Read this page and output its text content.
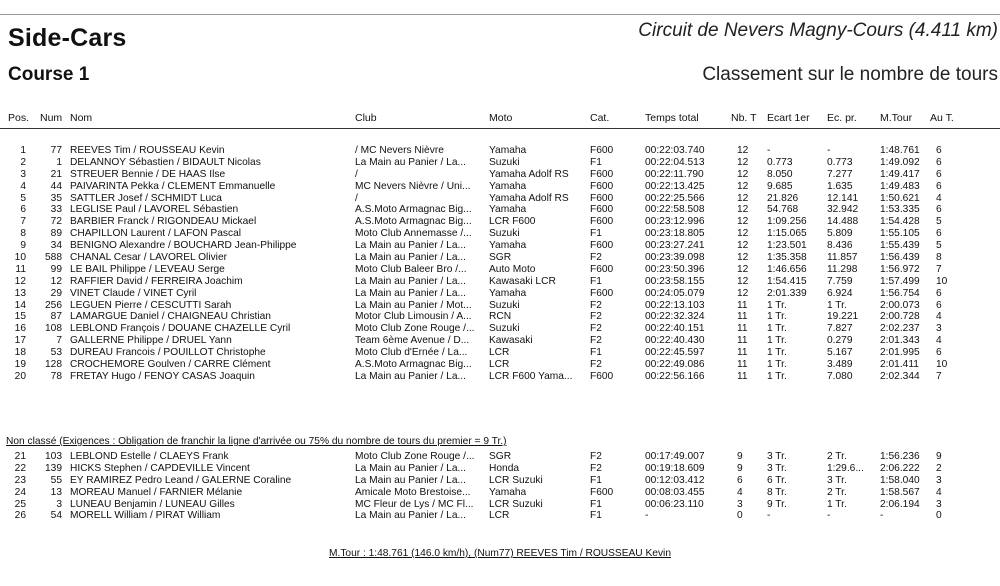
Side-Cars	Circuit de Nevers Magny-Cours (4.411 km)
Course 1	Classement sur le nombre de tours
Pos. Num Nom	Club	Moto	Cat.	Temps total	Nb. T Ecart 1er Ec. pr. M.Tour Au T.
1	77 REEVES Tim / ROUSSEAU Kevin	/ MC Nevers Nièvre	Yamaha	F600	00:22:03.740	12	-	-	1:48.761	6
2	1 DELANNOY Sébastien / BIDAULT Nicolas	La Main au Panier / La...	Suzuki	F1	00:22:04.513	12	0.773	0.773	1:49.092	6
3	21 STREUER Bennie / DE HAAS Ilse	/	Yamaha Adolf RS	F600	00:22:11.790	12	8.050	7.277	1:49.417	6
4	44 PAIVARINTA Pekka / CLEMENT Emmanuelle	MC Nevers Nièvre / Uni...	Yamaha	F600	00:22:13.425	12	9.685	1.635	1:49.483	6
5	35 SATTLER Josef / SCHMIDT Luca	/	Yamaha Adolf RS	F600	00:22:25.566	12	21.826	12.141	1:50.621	4
6	33 LEGLISE Paul / LAVOREL Sébastien	A.S.Moto Armagnac Big...	Yamaha	F600	00:22:58.508	12	54.768	32.942	1:53.335	6
7	72 BARBIER Franck / RIGONDEAU Mickael	A.S.Moto Armagnac Big...	LCR F600	F600	00:23:12.996	12	1:09.256	14.488	1:54.428	5
8	89 CHAPILLON Laurent / LAFON Pascal	Moto Club Annemasse /...	Suzuki	F1	00:23:18.805	12	1:15.065	5.809	1:55.105	6
9	34 BENIGNO Alexandre / BOUCHARD Jean-Philippe	La Main au Panier / La...	Yamaha	F600	00:23:27.241	12	1:23.501	8.436	1:55.439	5
10	588 CHANAL Cesar / LAVOREL Olivier	La Main au Panier / La...	SGR	F2	00:23:39.098	12	1:35.358	11.857	1:56.439	8
11	99 LE BAIL Philippe / LEVEAU Serge	Moto Club Baleer Bro /...	Auto Moto	F600	00:23:50.396	12	1:46.656	11.298	1:56.972	7
12	12 RAFFIER David / FERREIRA Joachim	La Main au Panier / La...	Kawasaki LCR	F1	00:23:58.155	12	1:54.415	7.759	1:57.499	10
13	29 VINET Claude / VINET Cyril	La Main au Panier / La...	Yamaha	F600	00:24:05.079	12	2:01.339	6.924	1:56.754	6
14	256 LEGUEN Pierre / CESCUTTI Sarah	La Main au Panier / Mot...	Suzuki	F2	00:22:13.103	11	1 Tr.	1 Tr.	2:00.073	6
15	87 LAMARGUE Daniel / CHAIGNEAU Christian	Motor Club Limousin / A...	RCN	F2	00:22:32.324	11	1 Tr.	19.221	2:00.728	4
16	108 LEBLOND François / DOUANE CHAZELLE Cyril	Moto Club Zone Rouge /...	Suzuki	F2	00:22:40.151	11	1 Tr.	7.827	2:02.237	3
17	7 GALLERNE Philippe / DRUEL Yann	Team 6ème Avenue / D...	Kawasaki	F2	00:22:40.430	11	1 Tr.	0.279	2:01.343	4
18	53 DUREAU Francois / POUILLOT Christophe	Moto Club d'Ernée / La...	LCR	F1	00:22:45.597	11	1 Tr.	5.167	2:01.995	6
19	128 CROCHEMORE Goulven / CARRE Clément	A.S.Moto Armagnac Big...	LCR	F2	00:22:49.086	11	1 Tr.	3.489	2:01.411	10
20	78 FRETAY Hugo / FENOY CASAS Joaquin	La Main au Panier / La...	LCR F600 Yama...	F600	00:22:56.166	11	1 Tr.	7.080	2:02.344	7
Non classé (Exigences : Obligation de franchir la ligne d'arrivée ou 75% du nombre de tours du premier = 9 Tr.)
21	103 LEBLOND Estelle / CLAEYS Frank	Moto Club Zone Rouge /...	SGR	F2	00:17:49.007	9	3 Tr.	2 Tr.	1:56.236	9
22	139 HICKS Stephen / CAPDEVILLE Vincent	La Main au Panier / La...	Honda	F2	00:19:18.609	9	3 Tr.	1:29.6...	2:06.222	2
23	55 EY RAMIREZ Pedro Leand / GALERNE Coraline	La Main au Panier / La...	LCR Suzuki	F1	00:12:03.412	6	6 Tr.	3 Tr.	1:58.040	3
24	13 MOREAU Manuel / FARNIER Mélanie	Amicale Moto Brestoise...	Yamaha	F600	00:08:03.455	4	8 Tr.	2 Tr.	1:58.567	4
25	3 LUNEAU Benjamin / LUNEAU Gilles	MC Fleur de Lys / MC Fl...	LCR Suzuki	F1	00:06:23.110	3	9 Tr.	1 Tr.	2:06.194	3
26	54 MORELL William / PIRAT William	La Main au Panier / La...	LCR	F1	-	0	-	-	-	0
M.Tour : 1:48.761 (146.0 km/h), (Num77) REEVES Tim / ROUSSEAU Kevin
